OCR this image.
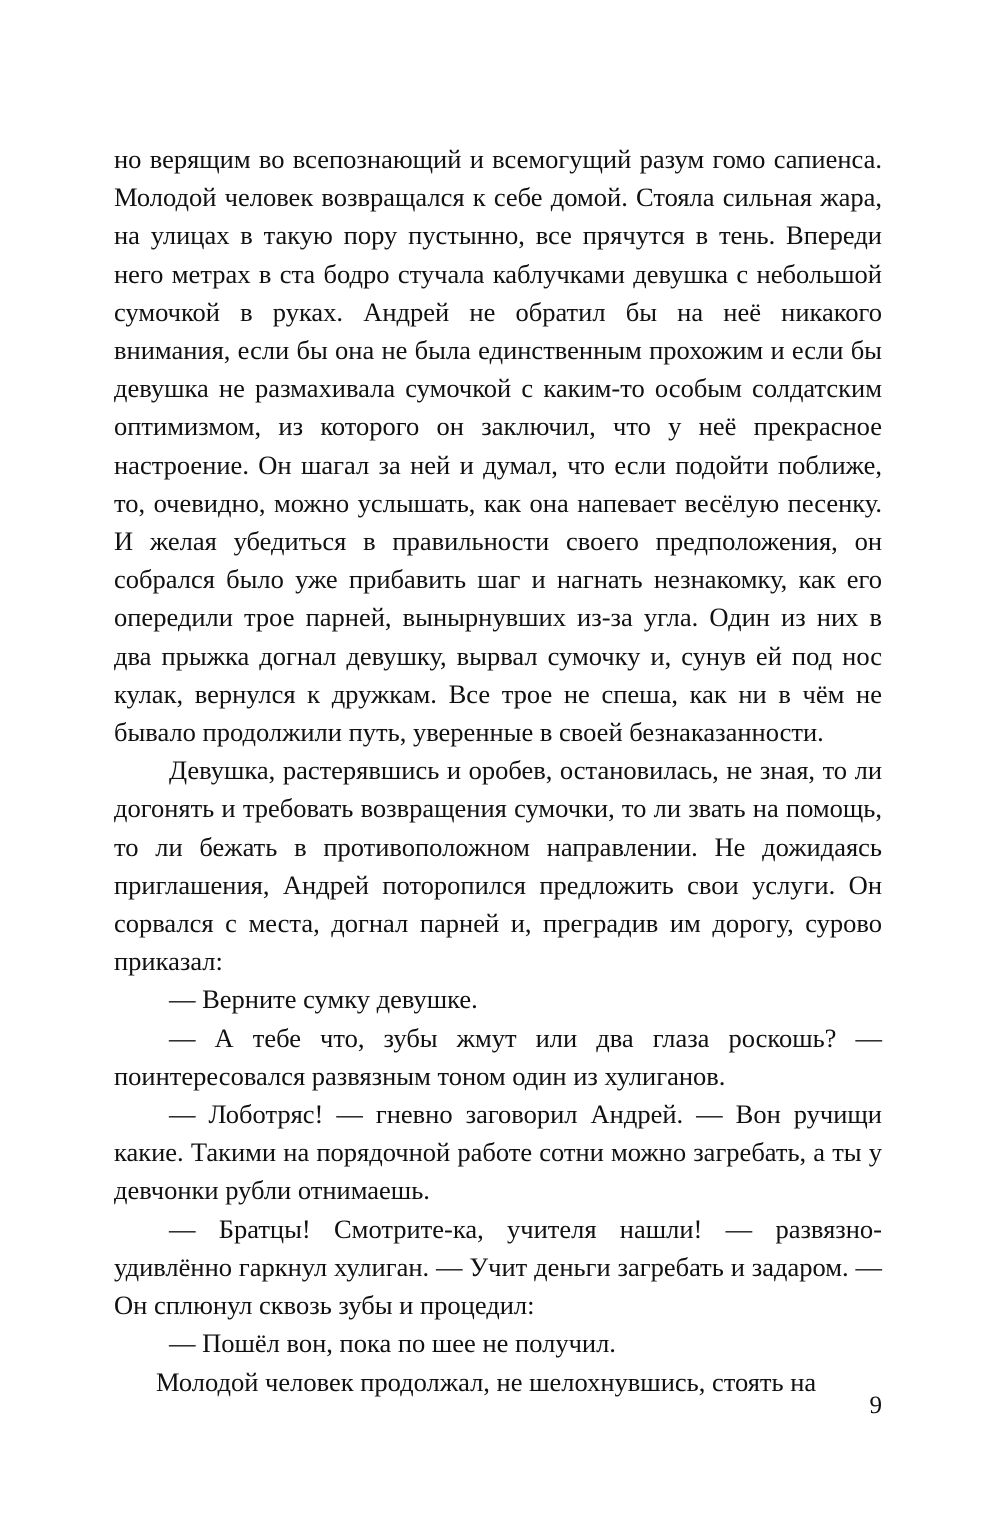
но верящим во всепознающий и всемогущий разум гомо сапиенса. Молодой человек возвращался к себе домой. Стояла сильная жара, на улицах в такую пору пустынно, все прячутся в тень. Впереди него метрах в ста бодро стучала каблучками девушка с небольшой сумочкой в руках. Андрей не обратил бы на неё никакого внимания, если бы она не была единственным прохожим и если бы девушка не размахивала сумочкой с каким-то особым солдатским оптимизмом, из которого он заключил, что у неё прекрасное настроение. Он шагал за ней и думал, что если подойти поближе, то, очевидно, можно услышать, как она напевает весёлую песенку. И желая убедиться в правильности своего предположения, он собрался было уже прибавить шаг и нагнать незнакомку, как его опередили трое парней, вынырнувших из-за угла. Один из них в два прыжка догнал девушку, вырвал сумочку и, сунув ей под нос кулак, вернулся к дружкам. Все трое не спеша, как ни в чём не бывало продолжили путь, уверенные в своей безнаказанности.

Девушка, растерявшись и оробев, остановилась, не зная, то ли догонять и требовать возвращения сумочки, то ли звать на помощь, то ли бежать в противоположном направлении. Не дожидаясь приглашения, Андрей поторопился предложить свои услуги. Он сорвался с места, догнал парней и, преградив им дорогу, сурово приказал:

— Верните сумку девушке.

— А тебе что, зубы жмут или два глаза роскошь? — поинтересовался развязным тоном один из хулиганов.

— Лоботряс! — гневно заговорил Андрей. — Вон ручищи какие. Такими на порядочной работе сотни можно загребать, а ты у девчонки рубли отнимаешь.

— Братцы! Смотрите-ка, учителя нашли! — развязно-удивлённо гаркнул хулиган. — Учит деньги загребать и задаром. — Он сплюнул сквозь зубы и процедил:

— Пошёл вон, пока по шее не получил.

Молодой человек продолжал, не шелохнувшись, стоять на

9
